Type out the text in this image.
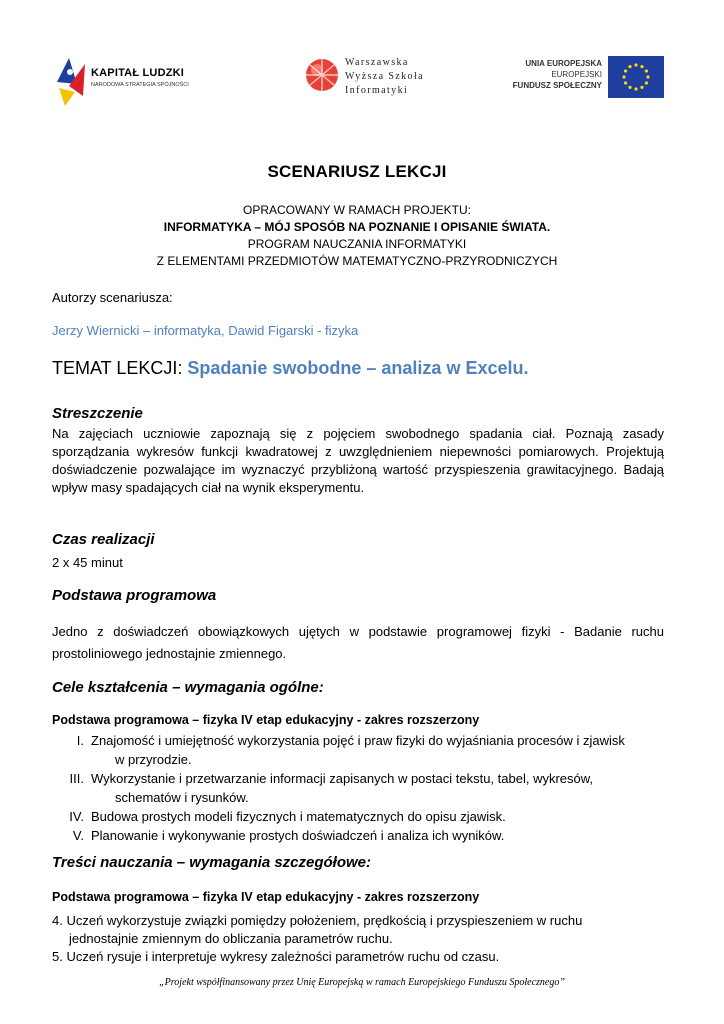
KAPITAŁ LUDZKI
NARODOWA STRATEGIA SPÓJNOŚCI
Warszawska
Wyższa Szkoła
Informatyki
UNIA EUROPEJSKA
EUROPEJSKI
FUNDUSZ SPOŁECZNY
SCENARIUSZ LEKCJI
OPRACOWANY W RAMACH PROJEKTU:
INFORMATYKA – MÓJ SPOSÓB NA POZNANIE I OPISANIE ŚWIATA.
PROGRAM NAUCZANIA INFORMATYKI
Z ELEMENTAMI PRZEDMIOTÓW MATEMATYCZNO-PRZYRODNICZYCH
Autorzy scenariusza:
Jerzy Wiernicki – informatyka, Dawid Figarski - fizyka
TEMAT LEKCJI: Spadanie swobodne – analiza w Excelu.
Streszczenie
Na zajęciach uczniowie zapoznają się z pojęciem swobodnego spadania ciał. Poznają zasady sporządzania wykresów funkcji kwadratowej z uwzględnieniem niepewności pomiarowych. Projektują doświadczenie pozwalające im wyznaczyć przybliżoną wartość przyspieszenia grawitacyjnego. Badają wpływ masy spadających ciał na wynik eksperymentu.
Czas realizacji
2 x 45 minut
Podstawa programowa
Jedno z doświadczeń obowiązkowych ujętych w podstawie programowej fizyki - Badanie ruchu prostoliniowego jednostajnie zmiennego.
Cele kształcenia – wymagania ogólne:
Podstawa programowa – fizyka IV etap edukacyjny - zakres rozszerzony
I. Znajomość i umiejętność wykorzystania pojęć i praw fizyki do wyjaśniania procesów i zjawisk
w przyrodzie.
III. Wykorzystanie i przetwarzanie informacji zapisanych w postaci tekstu, tabel, wykresów,
schematów i rysunków.
IV. Budowa prostych modeli fizycznych i matematycznych do opisu zjawisk.
V. Planowanie i wykonywanie prostych doświadczeń i analiza ich wyników.
Treści nauczania – wymagania szczegółowe:
Podstawa programowa – fizyka IV etap edukacyjny - zakres rozszerzony
4. Uczeń wykorzystuje związki pomiędzy położeniem, prędkością i przyspieszeniem w ruchu
jednostajnie zmiennym do obliczania parametrów ruchu.
5. Uczeń rysuje i interpretuje wykresy zależności parametrów ruchu od czasu.
„Projekt współfinansowany przez Unię Europejską w ramach Europejskiego Funduszu Społecznego”
